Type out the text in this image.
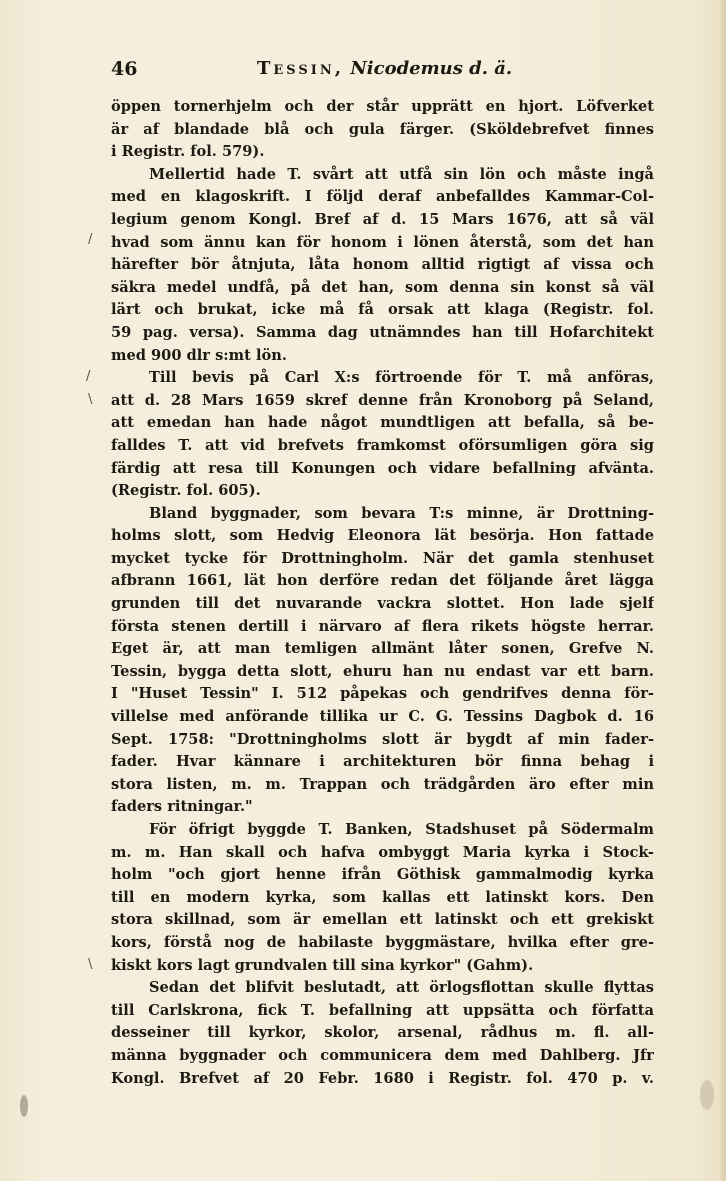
46	Tessin, Nicodemus d. ä.
öppen tornerhjelm och der står upprätt en hjort. Löfverket
är af blandade blå och gula färger. (Sköldebrefvet finnes
i Registr. fol. 579).
Mellertid hade T. svårt att utfå sin lön och måste ingå
med en klagoskrift. I följd deraf anbefalldes Kammar-Col-
legium genom Kongl. Bref af d. 15 Mars 1676, att så väl
hvad som ännu kan för honom i lönen återstå, som det han
härefter bör åtnjuta, låta honom alltid rigtigt af vissa och
säkra medel undfå, på det han, som denna sin konst så väl
lärt och brukat, icke må få orsak att klaga (Registr. fol.
59 pag. versa). Samma dag utnämndes han till Hofarchitekt
med 900 dlr s:mt lön.
Till bevis på Carl X:s förtroende för T. må anföras,
att d. 28 Mars 1659 skref denne från Kronoborg på Seland,
att emedan han hade något mundtligen att befalla, så be-
falldes T. att vid brefvets framkomst oförsumligen göra sig
färdig att resa till Konungen och vidare befallning afvänta.
(Registr. fol. 605).
Bland byggnader, som bevara T:s minne, är Drottning-
holms slott, som Hedvig Eleonora lät besörja. Hon fattade
mycket tycke för Drottningholm. När det gamla stenhuset
afbrann 1661, lät hon derföre redan det följande året lägga
grunden till det nuvarande vackra slottet. Hon lade sjelf
första stenen dertill i närvaro af flera rikets högste herrar.
Eget är, att man temligen allmänt låter sonen, Grefve N.
Tessin, bygga detta slott, ehuru han nu endast var ett barn.
I "Huset Tessin" I. 512 påpekas och gendrifves denna för-
villelse med anförande tillika ur C. G. Tessins Dagbok d. 16
Sept. 1758: "Drottningholms slott är bygdt af min fader-
fader. Hvar kännare i architekturen bör finna behag i
stora listen, m. m. Trappan och trädgården äro efter min
faders ritningar."
För öfrigt byggde T. Banken, Stadshuset på Södermalm
m. m. Han skall och hafva ombyggt Maria kyrka i Stock-
holm "och gjort henne ifrån Göthisk gammalmodig kyrka
till en modern kyrka, som kallas ett latinskt kors. Den
stora skillnad, som är emellan ett latinskt och ett grekiskt
kors, förstå nog de habilaste byggmästare, hvilka efter gre-
kiskt kors lagt grundvalen till sina kyrkor" (Gahm).
Sedan det blifvit beslutadt, att örlogsflottan skulle flyttas
till Carlskrona, fick T. befallning att uppsätta och författa
desseiner till kyrkor, skolor, arsenal, rådhus m. fl. all-
männa byggnader och communicera dem med Dahlberg. Jfr
Kongl. Brefvet af 20 Febr. 1680 i Registr. fol. 470 p. v.
/
/
\
\
